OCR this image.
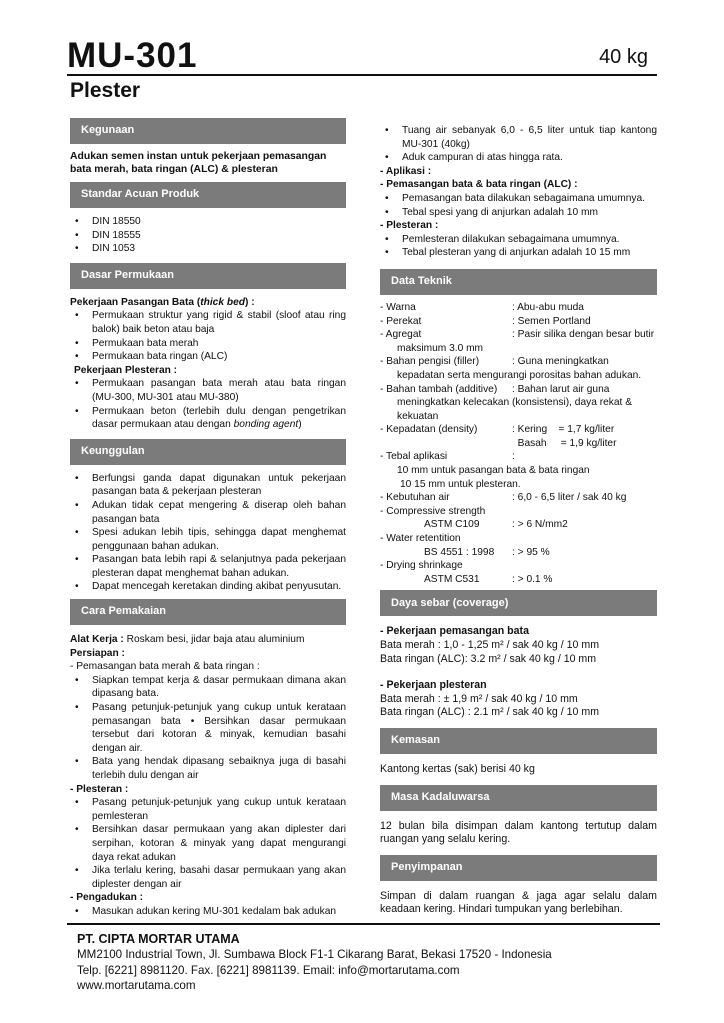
MU-301	40 kg
Plester
Kegunaan

Adukan semen instan untuk pekerjaan pemasangan bata merah, bata ringan (ALC) & plesteran

Standar Acuan Produk
• DIN 18550
• DIN 18555
• DIN 1053
Dasar Permukaan

Pekerjaan Pasangan Bata (thick bed) :

• Permukaan struktur yang rigid & stabil (sloof atau ring balok) baik beton atau baja
• Permukaan bata merah
• Permukaan bata ringan (ALC)

Pekerjaan Plesteran :

• Permukaan pasangan bata merah atau bata ringan (MU-300, MU-301 atau MU-380)
• Permukaan beton (terlebih dulu dengan pengetrikan dasar permukaan atau dengan bonding agent)
Keunggulan
• Berfungsi ganda dapat digunakan untuk pekerjaan pasangan bata & pekerjaan plesteran
• Adukan tidak cepat mengering & diserap oleh bahan pasangan bata
• Spesi adukan lebih tipis, sehingga dapat menghemat penggunaan bahan adukan.
• Pasangan bata lebih rapi & selanjutnya pada pekerjaan plesteran dapat menghemat bahan adukan.
• Dapat mencegah keretakan dinding akibat penyusutan.
Cara Pemakaian

Alat Kerja : Roskam besi, jidar baja atau aluminium

Persiapan :

- Pemasangan bata merah & bata ringan :

• Siapkan tempat kerja & dasar permukaan dimana akan dipasang bata.
• Pasang petunjuk-petunjuk yang cukup untuk kerataan pemasangan bata • Bersihkan dasar permukaan tersebut dari kotoran & minyak, kemudian basahi dengan air.
• Bata yang hendak dipasang sebaiknya juga di basahi terlebih dulu dengan air

- Plesteran :

• Pasang petunjuk-petunjuk yang cukup untuk kerataan pemlesteran
• Bersihkan dasar permukaan yang akan diplester dari serpihan, kotoran & minyak yang dapat mengurangi daya rekat adukan
• Jika terlalu kering, basahi dasar permukaan yang akan diplester dengan air

- Pengadukan :

• Masukan adukan kering MU-301 kedalam bak adukan
• Tuang air sebanyak 6,0 - 6,5 liter untuk tiap kantong MU-301 (40kg)
• Aduk campuran di atas hingga rata.

- Aplikasi :

- Pemasangan bata & bata ringan (ALC) :

• Pemasangan bata dilakukan sebagaimana umumnya.
• Tebal spesi yang di anjurkan adalah 10 mm

- Plesteran :

• Pemlesteran dilakukan sebagaimana umumnya.
• Tebal plesteran yang di anjurkan adalah 10 15 mm
Data Teknik
- Warna	: Abu-abu muda
- Perekat	: Semen Portland
- Agregat	: Pasir silika dengan besar butir
maksimum 3.0 mm
- Bahan pengisi (filler)	: Guna meningkatkan
kepadatan serta mengurangi porositas bahan adukan.
- Bahan tambah (additive)	: Bahan larut air guna
meningkatkan kelecakan (konsistensi), daya rekat & kekuatan
- Kepadatan (density)	: Kering    = 1,7 kg/liter
Basah     = 1,9 kg/liter
- Tebal aplikasi	:
10 mm untuk pasangan bata & bata ringan
10 15 mm untuk plesteran.
- Kebutuhan air	: 6,0 - 6,5 liter / sak 40 kg
- Compressive strength
ASTM C109	: > 6 N/mm2
- Water retentition
BS 4551 : 1998	: > 95 %
- Drying shrinkage
ASTM C531	: > 0.1 %
Daya sebar (coverage)

- Pekerjaan pemasangan bata

Bata merah : 1,0 - 1,25 m² / sak 40 kg / 10 mm

Bata ringan (ALC): 3.2 m² / sak 40 kg / 10 mm

- Pekerjaan plesteran

Bata merah : ± 1,9 m² / sak 40 kg / 10 mm

Bata ringan (ALC) : 2.1 m² / sak 40 kg / 10 mm

Kemasan

Kantong kertas (sak) berisi 40 kg

Masa Kadaluwarsa

12 bulan bila disimpan dalam kantong tertutup dalam ruangan yang selalu kering.

Penyimpanan

Simpan di dalam ruangan & jaga agar selalu dalam keadaan kering. Hindari tumpukan yang berlebihan.

PT. CIPTA MORTAR UTAMA
MM2100 Industrial Town, Jl. Sumbawa Block F1-1 Cikarang Barat, Bekasi 17520 - Indonesia
Telp. [6221] 8981120. Fax. [6221] 8981139. Email: info@mortarutama.com
www.mortarutama.com
